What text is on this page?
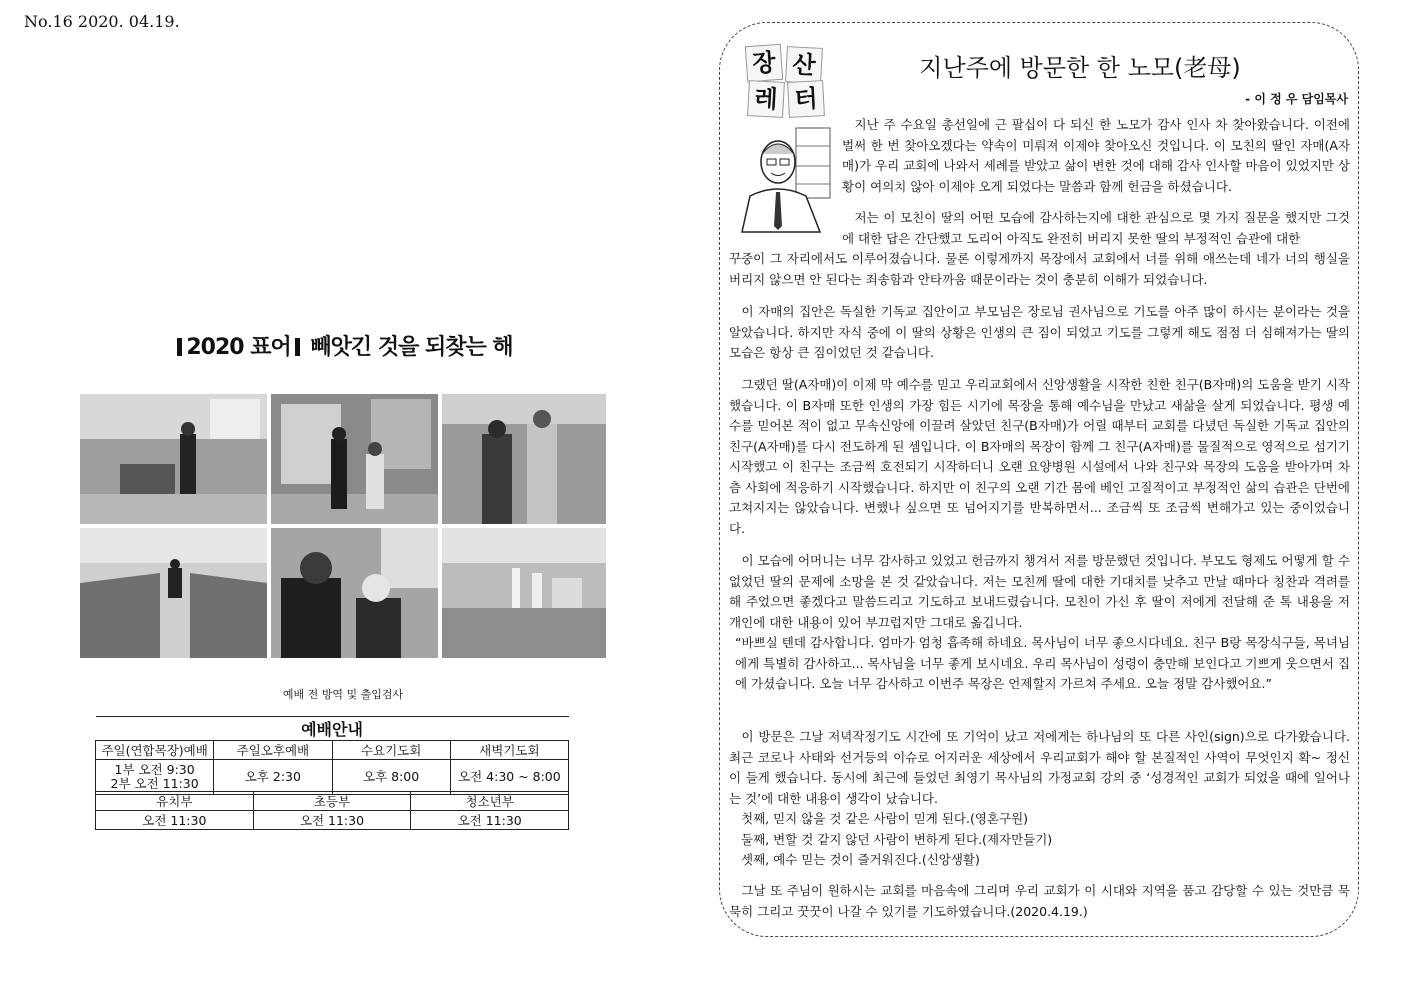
No.16 2020. 04.19.
2020 표어 빼앗긴 것을 되찾는 해
예배 전 방역 및 출입검사
예배안내			
주일(연합목장)예배	주일오후예배	수요기도회	새벽기도회
1부 오전 9:30
2부 오전 11:30	오후 2:30	오후 8:00	오전 4:30 ~ 8:00
유치부	초등부	청소년부
오전 11:30	오전 11:30	오전 11:30
장 산
레 터
지난주에 방문한 한 노모(老母)
- 이 정 우 담임목사

지난 주 수요일 총선일에 근 팔십이 다 되신 한 노모가 감사 인사 차 찾아왔습니다. 이전에 벌써 한 번 찾아오겠다는 약속이 미뤄져 이제야 찾아오신 것입니다. 이 모친의 딸인 자매(A자매)가 우리 교회에 나와서 세례를 받았고 삶이 변한 것에 대해 감사 인사할 마음이 있었지만 상황이 여의치 않아 이제야 오게 되었다는 말씀과 함께 헌금을 하셨습니다.

저는 이 모친이 딸의 어떤 모습에 감사하는지에 대한 관심으로 몇 가지 질문을 했지만 그것에 대한 답은 간단했고 도리어 아직도 완전히 버리지 못한 딸의 부정적인 습관에 대한

꾸중이 그 자리에서도 이루어졌습니다. 물론 이렇게까지 목장에서 교회에서 너를 위해 애쓰는데 네가 너의 행실을 버리지 않으면 안 된다는 죄송함과 안타까움 때문이라는 것이 충분히 이해가 되었습니다.

이 자매의 집안은 독실한 기독교 집안이고 부모님은 장로님 권사님으로 기도를 아주 많이 하시는 분이라는 것을 알았습니다. 하지만 자식 중에 이 딸의 상황은 인생의 큰 짐이 되었고 기도를 그렇게 해도 점점 더 심해져가는 딸의 모습은 항상 큰 짐이었던 것 같습니다.

그랬던 딸(A자매)이 이제 막 예수를 믿고 우리교회에서 신앙생활을 시작한 친한 친구(B자매)의 도움을 받기 시작했습니다. 이 B자매 또한 인생의 가장 힘든 시기에 목장을 통해 예수님을 만났고 새삶을 살게 되었습니다. 평생 예수를 믿어본 적이 없고 무속신앙에 이끌려 살았던 친구(B자매)가 어릴 때부터 교회를 다녔던 독실한 기독교 집안의 친구(A자매)를 다시 전도하게 된 셈입니다. 이 B자매의 목장이 함께 그 친구(A자매)를 물질적으로 영적으로 섬기기 시작했고 이 친구는 조금씩 호전되기 시작하더니 오랜 요양병원 시설에서 나와 친구와 목장의 도움을 받아가며 차츰 사회에 적응하기 시작했습니다. 하지만 이 친구의 오랜 기간 몸에 베인 고질적이고 부정적인 삶의 습관은 단번에 고쳐지지는 않았습니다. 변했나 싶으면 또 넘어지기를 반복하면서... 조금씩 또 조금씩 변해가고 있는 중이었습니다.

이 모습에 어머니는 너무 감사하고 있었고 헌금까지 챙겨서 저를 방문했던 것입니다. 부모도 형제도 어떻게 할 수 없었던 딸의 문제에 소망을 본 것 같았습니다. 저는 모친께 딸에 대한 기대치를 낮추고 만날 때마다 칭찬과 격려를 해 주었으면 좋겠다고 말씀드리고 기도하고 보내드렸습니다. 모친이 가신 후 딸이 저에게 전달해 준 톡 내용을 저 개인에 대한 내용이 있어 부끄럽지만 그대로 옮깁니다.

“바쁘실 텐데 감사합니다. 엄마가 엄청 흡족해 하네요. 목사님이 너무 좋으시다네요. 친구 B랑 목장식구들, 목녀님에게 특별히 감사하고... 목사님을 너무 좋게 보시네요. 우리 목사님이 성령이 충만해 보인다고 기쁘게 웃으면서 집에 가셨습니다. 오늘 너무 감사하고 이번주 목장은 언제할지 가르쳐 주세요. 오늘 정말 감사했어요.”

이 방문은 그날 저녁작정기도 시간에 또 기억이 났고 저에게는 하나님의 또 다른 사인(sign)으로 다가왔습니다. 최근 코로나 사태와 선거등의 이슈로 어지러운 세상에서 우리교회가 해야 할 본질적인 사역이 무엇인지 확~ 정신이 들게 했습니다. 동시에 최근에 들었던 최영기 목사님의 가정교회 강의 중 ‘성경적인 교회가 되었을 때에 일어나는 것’에 대한 내용이 생각이 났습니다.

첫째, 믿지 않을 것 같은 사람이 믿게 된다.(영혼구원)
둘째, 변할 것 같지 않던 사람이 변하게 된다.(제자만들기)
셋째, 예수 믿는 것이 즐거워진다.(신앙생활)

그날 또 주님이 원하시는 교회를 마음속에 그리며 우리 교회가 이 시대와 지역을 품고 감당할 수 있는 것만큼 묵묵히 그리고 꿋꿋이 나갈 수 있기를 기도하였습니다.(2020.4.19.)
